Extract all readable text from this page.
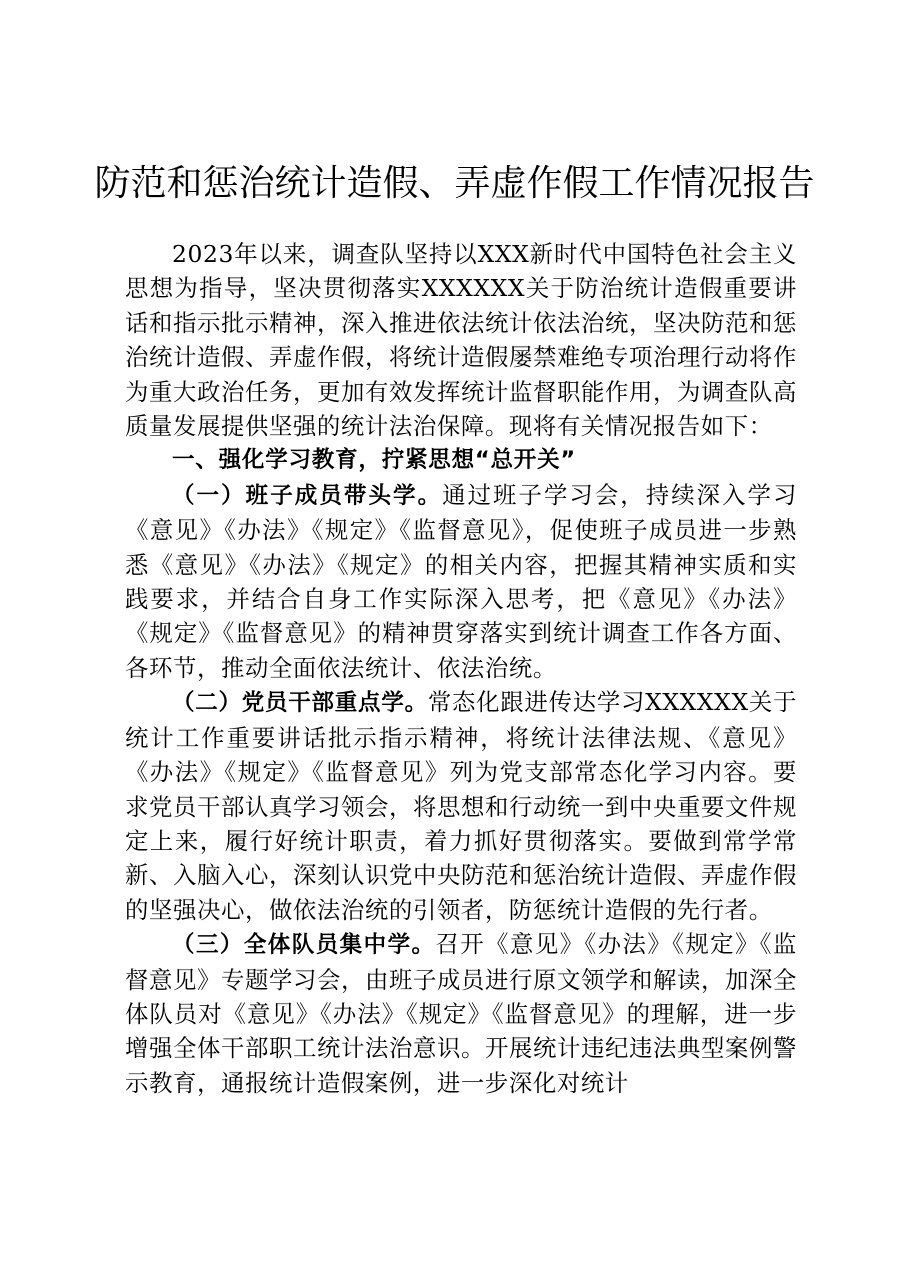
防范和惩治统计造假、弄虚作假工作情况报告

2023年以来，调查队坚持以XXX新时代中国特色社会主义思想为指导，坚决贯彻落实XXXXXX关于防治统计造假重要讲话和指示批示精神，深入推进依法统计依法治统，坚决防范和惩治统计造假、弄虚作假，将统计造假屡禁难绝专项治理行动将作为重大政治任务，更加有效发挥统计监督职能作用，为调查队高质量发展提供坚强的统计法治保障。现将有关情况报告如下：

一、强化学习教育，拧紧思想“总开关”

（一）班子成员带头学。通过班子学习会，持续深入学习《意见》《办法》《规定》《监督意见》，促使班子成员进一步熟悉《意见》《办法》《规定》的相关内容，把握其精神实质和实践要求，并结合自身工作实际深入思考，把《意见》《办法》《规定》《监督意见》的精神贯穿落实到统计调查工作各方面、各环节，推动全面依法统计、依法治统。

（二）党员干部重点学。常态化跟进传达学习XXXXXX关于统计工作重要讲话批示指示精神，将统计法律法规、《意见》《办法》《规定》《监督意见》列为党支部常态化学习内容。要求党员干部认真学习领会，将思想和行动统一到中央重要文件规定上来，履行好统计职责，着力抓好贯彻落实。要做到常学常新、入脑入心，深刻认识党中央防范和惩治统计造假、弄虚作假的坚强决心，做依法治统的引领者，防惩统计造假的先行者。

（三）全体队员集中学。召开《意见》《办法》《规定》《监督意见》专题学习会，由班子成员进行原文领学和解读，加深全体队员对《意见》《办法》《规定》《监督意见》的理解，进一步增强全体干部职工统计法治意识。开展统计违纪违法典型案例警示教育，通报统计造假案例，进一步深化对统计
